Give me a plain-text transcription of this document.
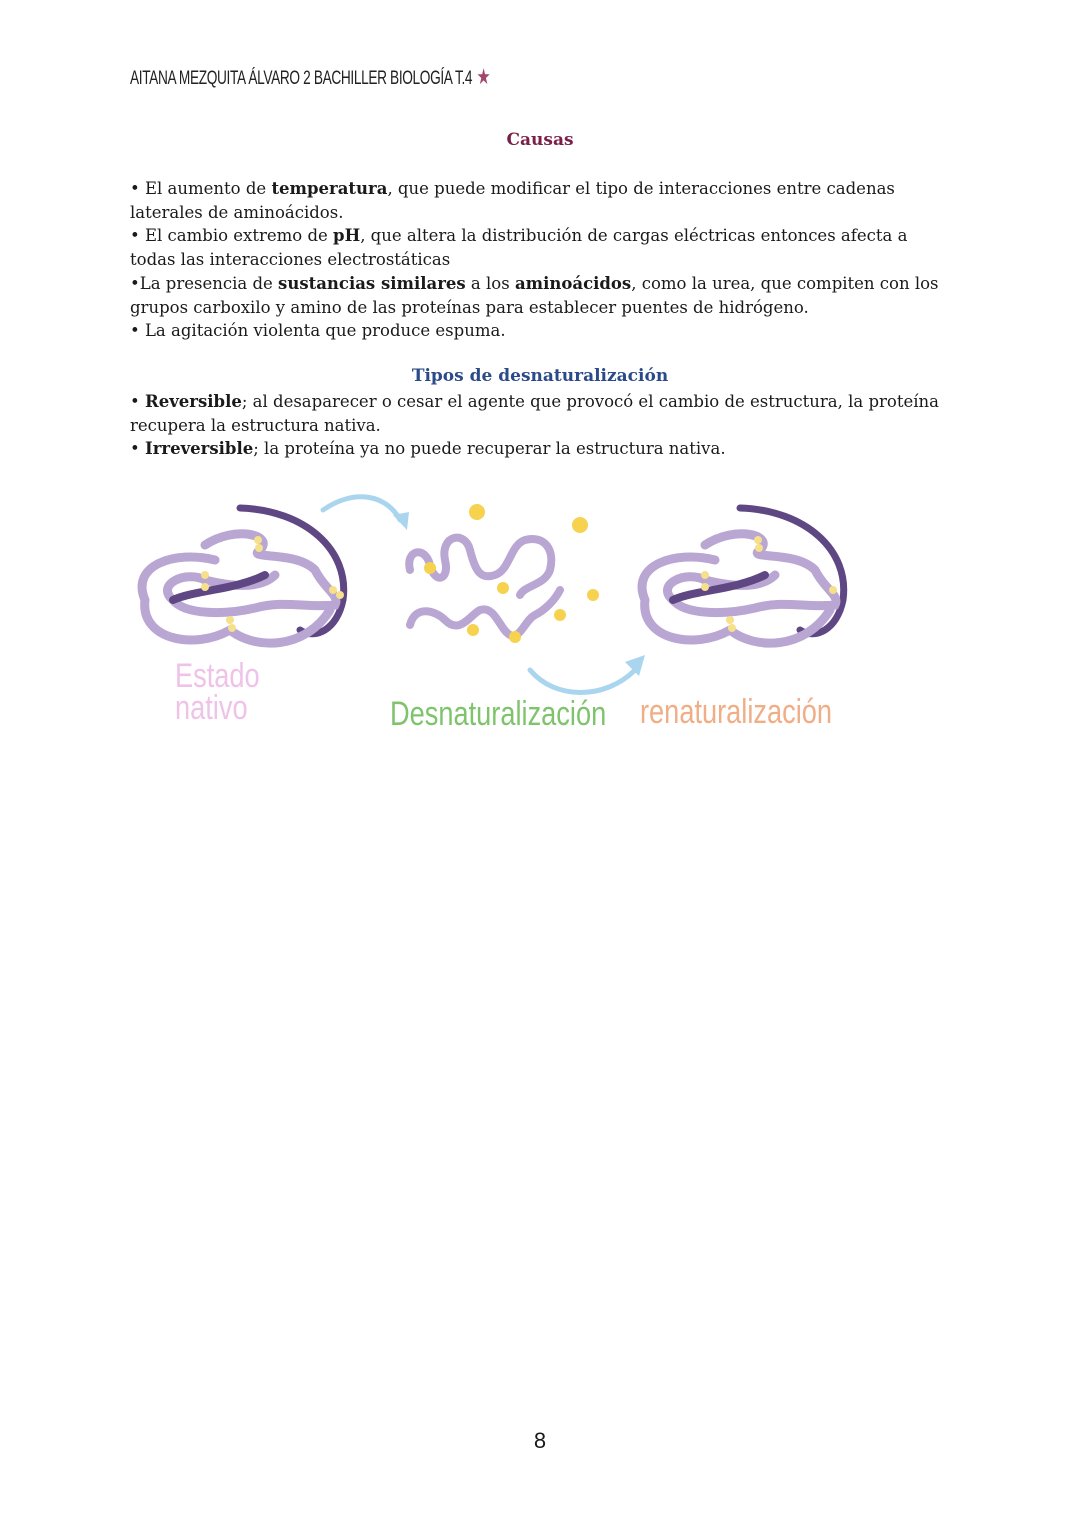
AITANA MEZQUITA ÁLVARO 2 BACHILLER BIOLOGÍA T.4 ★
Causas

• El aumento de temperatura, que puede modificar el tipo de interacciones entre cadenas laterales de aminoácidos.

• El cambio extremo de pH, que altera la distribución de cargas eléctricas entonces afecta a todas las interacciones electrostáticas

•La presencia de sustancias similares a los aminoácidos, como la urea, que compiten con los grupos carboxilo y amino de las proteínas para establecer puentes de hidrógeno.

• La agitación violenta que produce espuma.

Tipos de desnaturalización

• Reversible; al desaparecer o cesar el agente que provocó el cambio de estructura, la proteína recupera la estructura nativa.

• Irreversible; la proteína ya no puede recuperar la estructura nativa.

Estado nativo	Desnaturalización renaturalización
8
